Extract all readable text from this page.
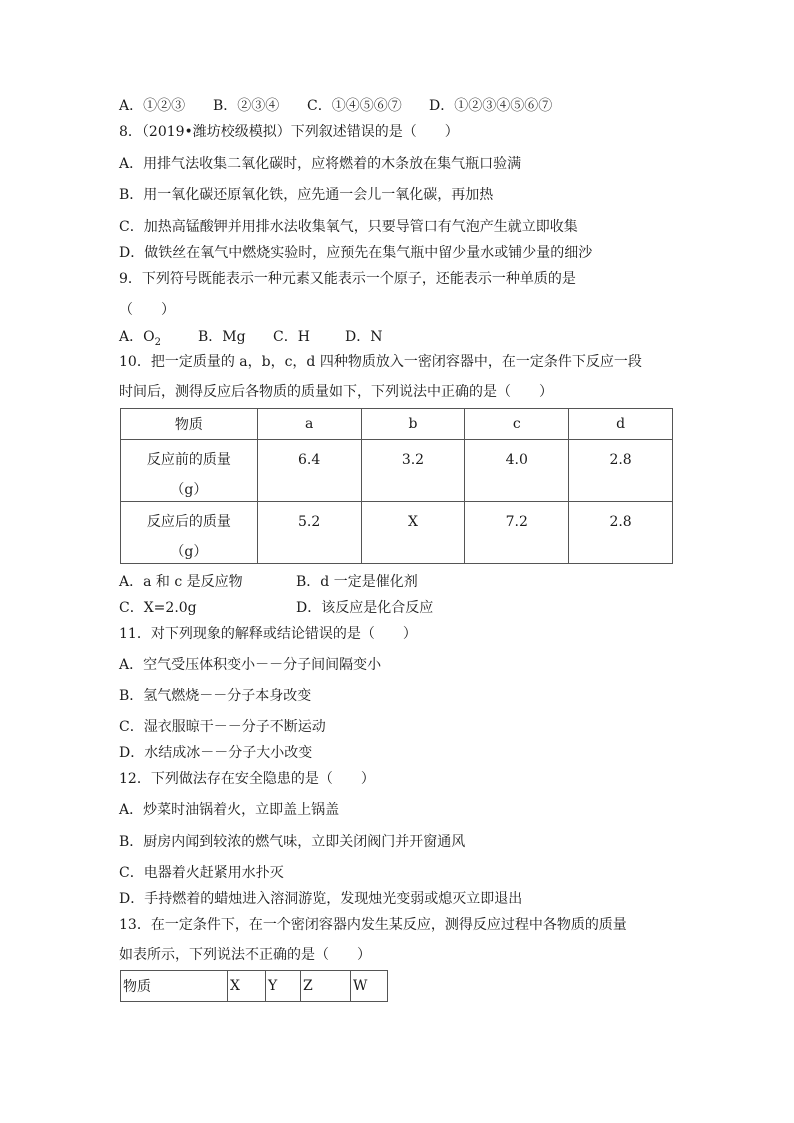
A．①②③ B．②③④ C．①④⑤⑥⑦ D．①②③④⑤⑥⑦
8．（2019•潍坊校级模拟）下列叙述错误的是（　　）
A．用排气法收集二氧化碳时，应将燃着的木条放在集气瓶口验满
B．用一氧化碳还原氧化铁，应先通一会儿一氧化碳，再加热
C．加热高锰酸钾并用排水法收集氧气，只要导管口有气泡产生就立即收集
D．做铁丝在氧气中燃烧实验时，应预先在集气瓶中留少量水或铺少量的细沙
9．下列符号既能表示一种元素又能表示一个原子，还能表示一种单质的是
（　　）
A．$O_2$	B．Mg C．H	D．N
10．把一定质量的 a，b，c，d 四种物质放入一密闭容器中，在一定条件下反应一段
时间后，测得反应后各物质的质量如下，下列说法中正确的是（　　）
物质	a	b	c	d

反应前的质量
（g）	6.4	3.2	4.0	2.8

反应后的质量
（g）	5.2	X	7.2	2.8
A．a 和 c 是反应物	B．d 一定是催化剂
C．X=2.0g	D．该反应是化合反应
11．对下列现象的解释或结论错误的是（　　）
A．空气受压体积变小－－分子间间隔变小
B．氢气燃烧－－分子本身改变
C．湿衣服晾干－－分子不断运动
D．水结成冰－－分子大小改变
12．下列做法存在安全隐患的是（　　）
A．炒菜时油锅着火，立即盖上锅盖
B．厨房内闻到较浓的燃气味，立即关闭阀门并开窗通风
C．电器着火赶紧用水扑灭
D．手持燃着的蜡烛进入溶洞游览，发现烛光变弱或熄灭立即退出
13．在一定条件下，在一个密闭容器内发生某反应，测得反应过程中各物质的质量
如表所示，下列说法不正确的是（　　）
物质	X	Y	Z	W
